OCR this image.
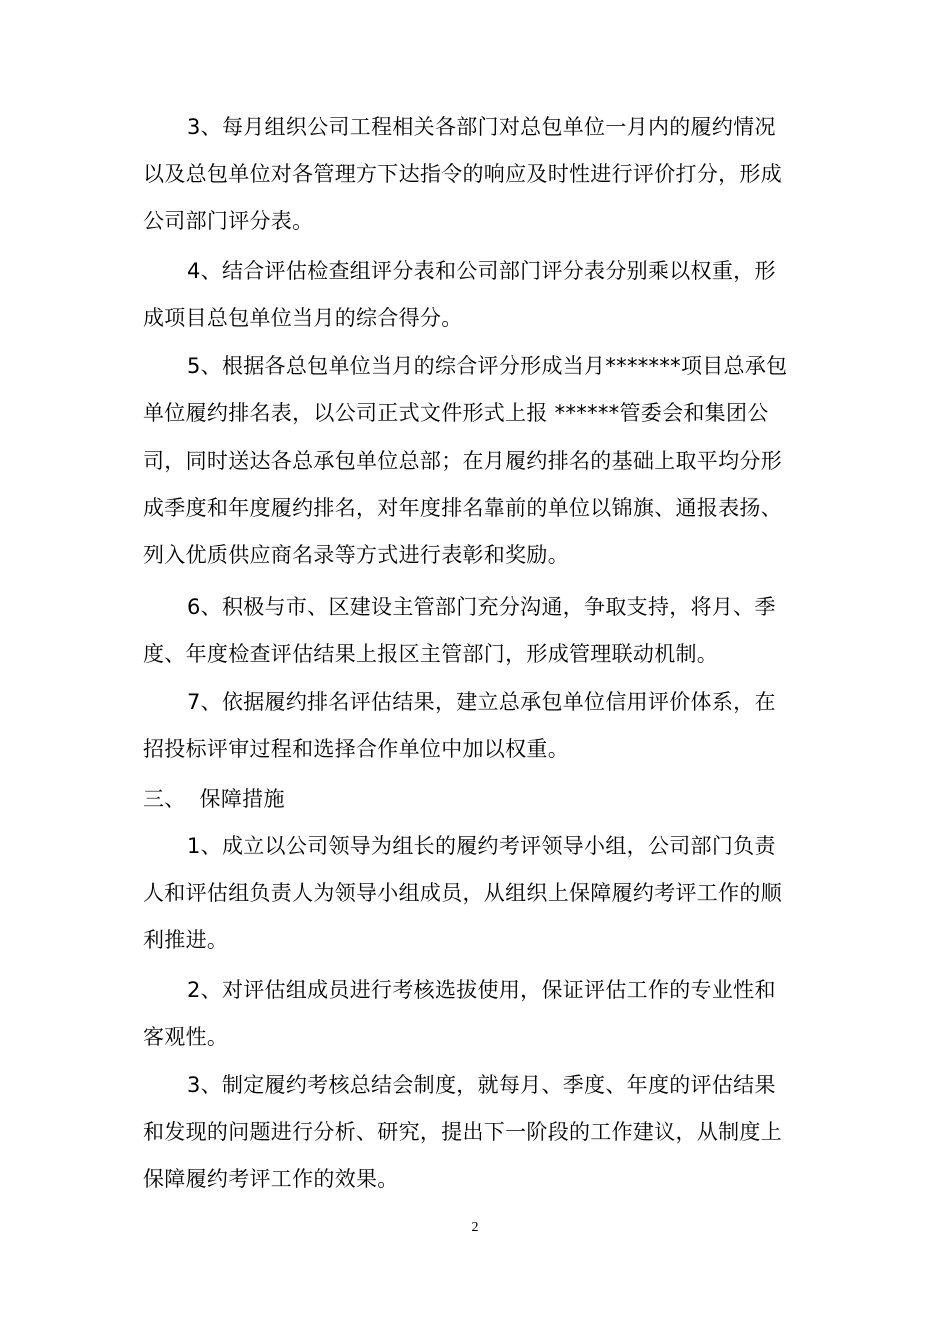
3、每月组织公司工程相关各部门对总包单位一月内的履约情况
以及总包单位对各管理方下达指令的响应及时性进行评价打分，形成
公司部门评分表。
4、结合评估检查组评分表和公司部门评分表分别乘以权重，形
成项目总包单位当月的综合得分。
5、根据各总包单位当月的综合评分形成当月*******项目总承包
单位履约排名表，以公司正式文件形式上报 ******管委会和集团公
司，同时送达各总承包单位总部；在月履约排名的基础上取平均分形
成季度和年度履约排名，对年度排名靠前的单位以锦旗、通报表扬、
列入优质供应商名录等方式进行表彰和奖励。
6、积极与市、区建设主管部门充分沟通，争取支持，将月、季
度、年度检查评估结果上报区主管部门，形成管理联动机制。
7、依据履约排名评估结果，建立总承包单位信用评价体系，在
招投标评审过程和选择合作单位中加以权重。
三、  保障措施
1、成立以公司领导为组长的履约考评领导小组，公司部门负责
人和评估组负责人为领导小组成员，从组织上保障履约考评工作的顺
利推进。
2、对评估组成员进行考核选拔使用，保证评估工作的专业性和
客观性。
3、制定履约考核总结会制度，就每月、季度、年度的评估结果
和发现的问题进行分析、研究，提出下一阶段的工作建议，从制度上
保障履约考评工作的效果。
2
